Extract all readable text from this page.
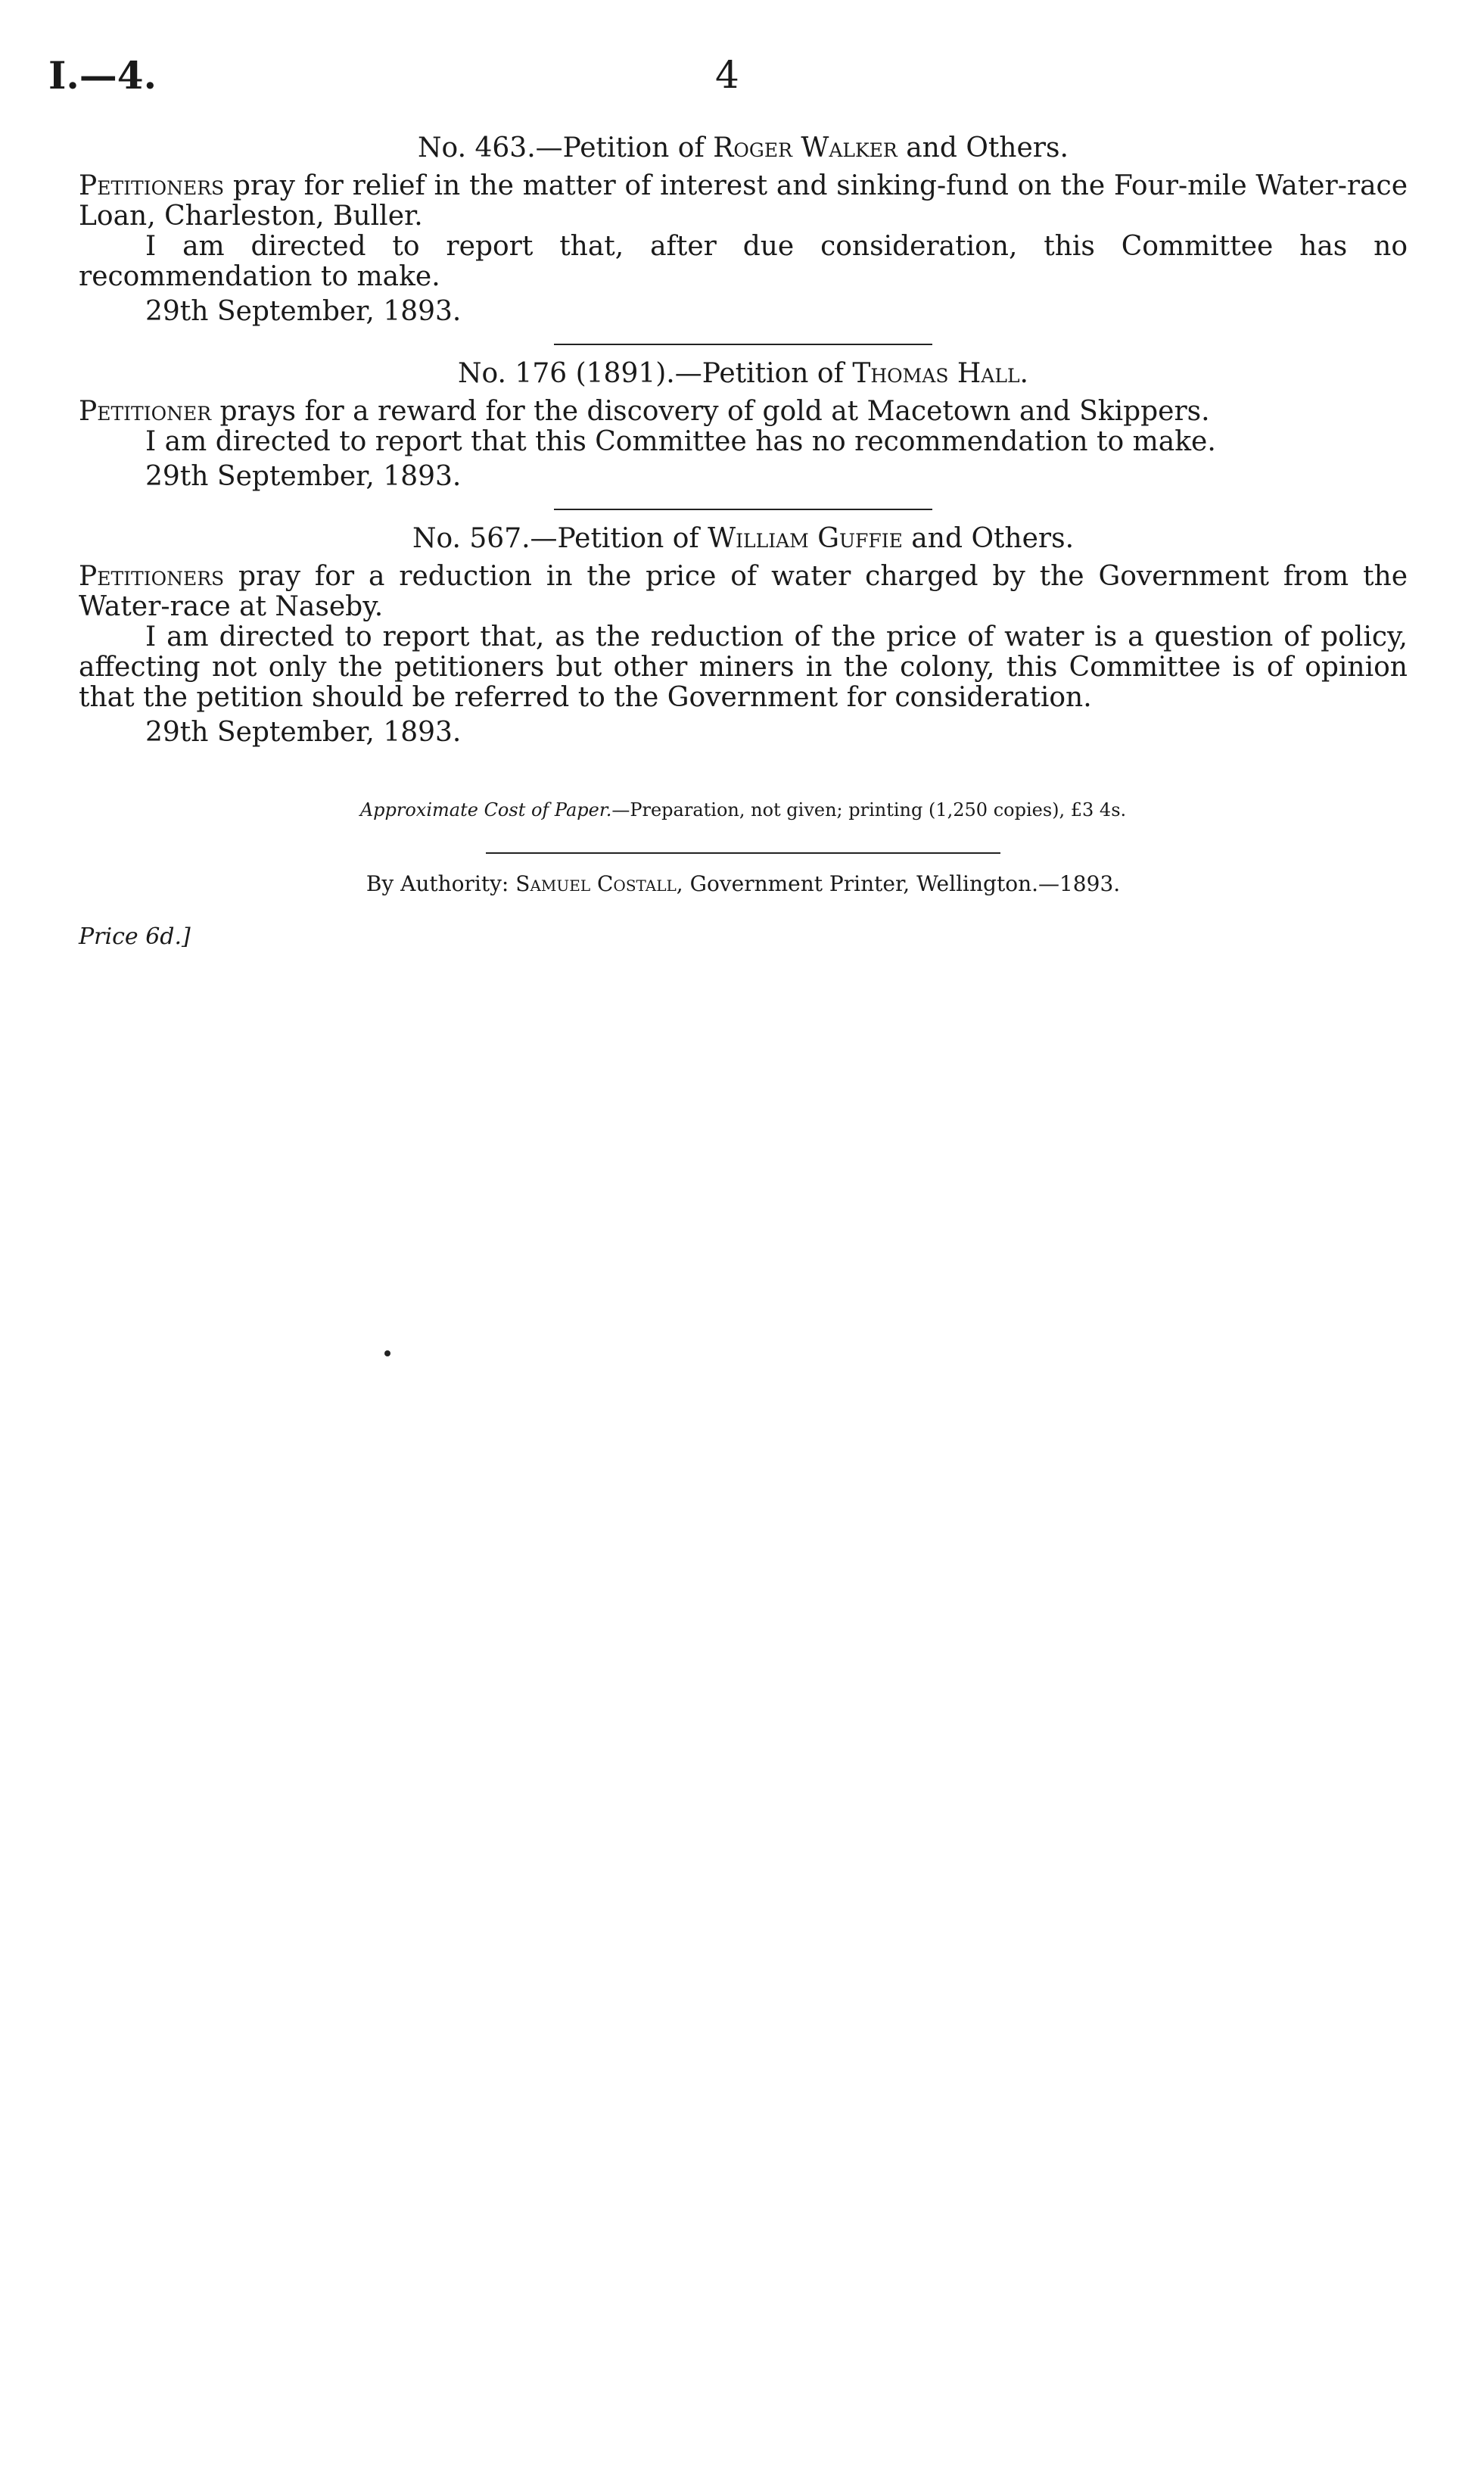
I.—4.	4
No. 463.—Petition of Roger Walker and Others.

Petitioners pray for relief in the matter of interest and sinking-fund on the Four-mile Water-race Loan, Charleston, Buller.

I am directed to report that, after due consideration, this Committee has no recommendation to make.

29th September, 1893.

No. 176 (1891).—Petition of Thomas Hall.

Petitioner prays for a reward for the discovery of gold at Macetown and Skippers.

I am directed to report that this Committee has no recommendation to make.

29th September, 1893.

No. 567.—Petition of William Guffie and Others.

Petitioners pray for a reduction in the price of water charged by the Government from the Water-race at Naseby.

I am directed to report that, as the reduction of the price of water is a question of policy, affecting not only the petitioners but other miners in the colony, this Committee is of opinion that the petition should be referred to the Government for consideration.

29th September, 1893.

Approximate Cost of Paper.—Preparation, not given; printing (1,250 copies), £3 4s.
By Authority: Samuel Costall, Government Printer, Wellington.—1893.
Price 6d.]
